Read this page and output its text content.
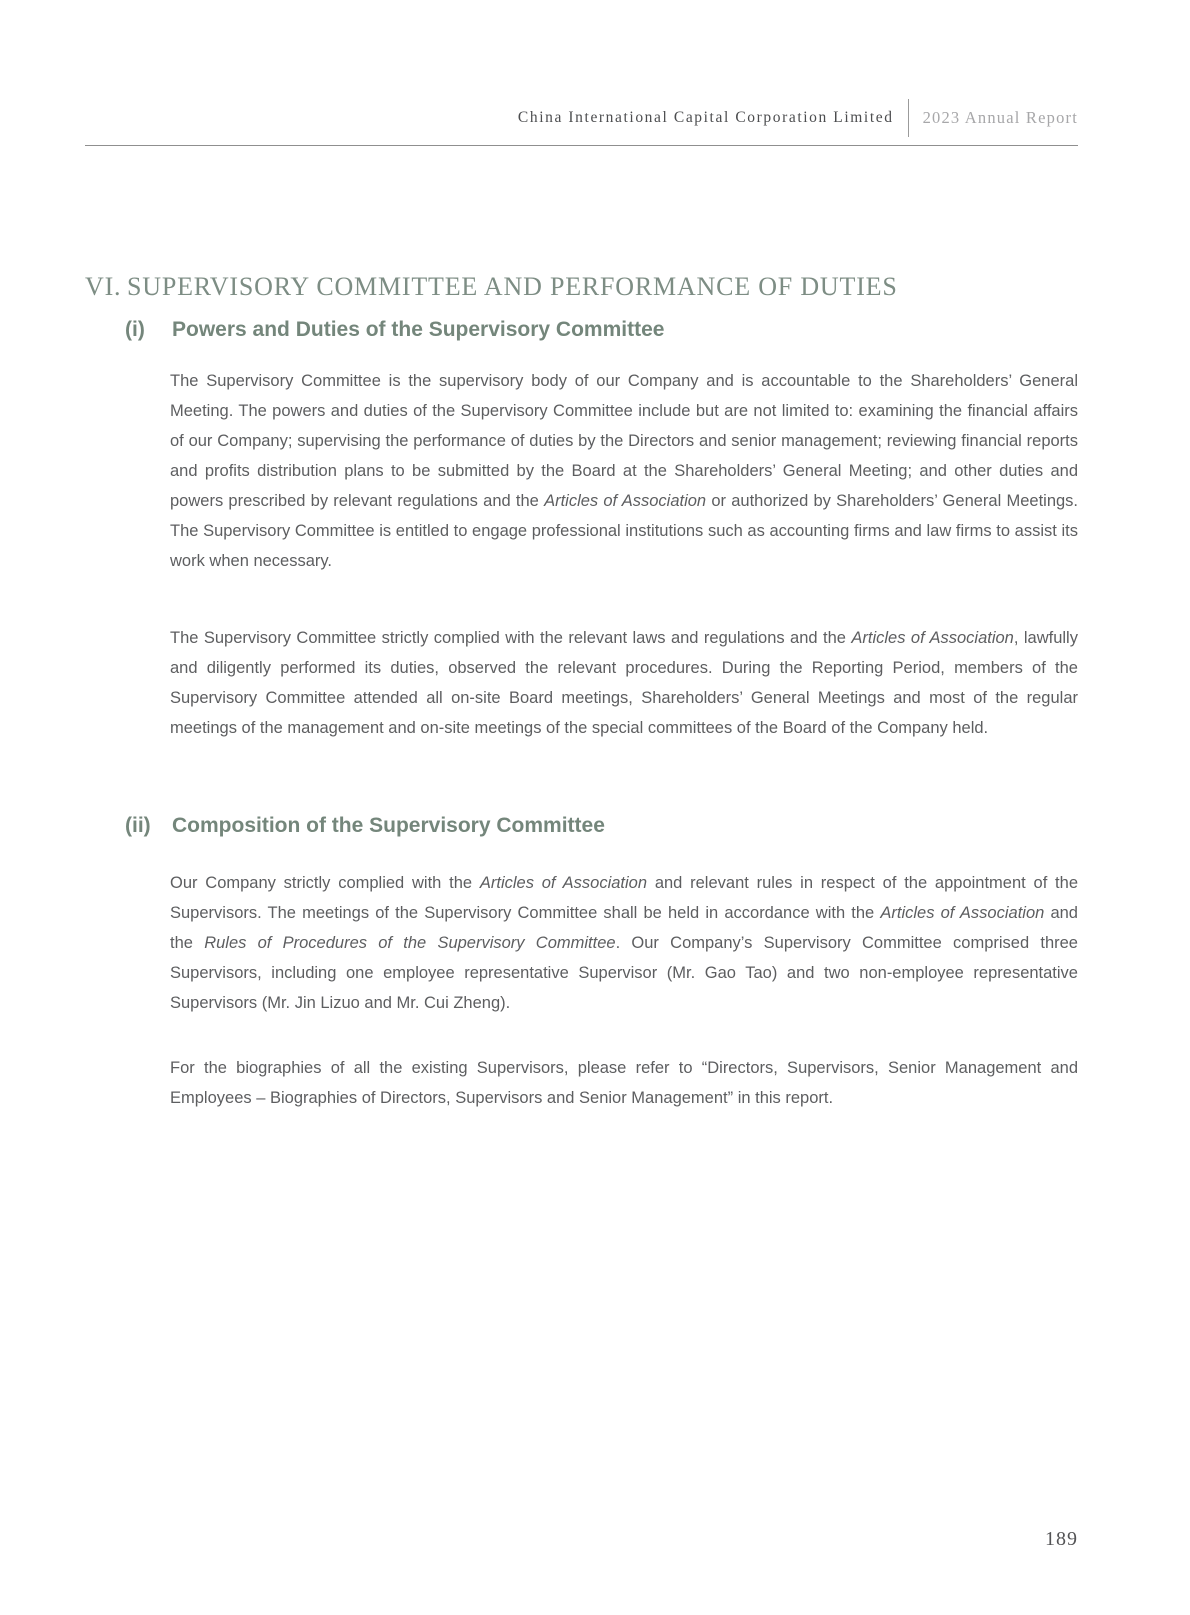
China International Capital Corporation Limited	2023 Annual Report
VI. SUPERVISORY COMMITTEE AND PERFORMANCE OF DUTIES
(i)	Powers and Duties of the Supervisory Committee

The Supervisory Committee is the supervisory body of our Company and is accountable to the Shareholders’ General Meeting. The powers and duties of the Supervisory Committee include but are not limited to: examining the financial affairs of our Company; supervising the performance of duties by the Directors and senior management; reviewing financial reports and profits distribution plans to be submitted by the Board at the Shareholders’ General Meeting; and other duties and powers prescribed by relevant regulations and the Articles of Association or authorized by Shareholders’ General Meetings. The Supervisory Committee is entitled to engage professional institutions such as accounting firms and law firms to assist its work when necessary.

The Supervisory Committee strictly complied with the relevant laws and regulations and the Articles of Association, lawfully and diligently performed its duties, observed the relevant procedures. During the Reporting Period, members of the Supervisory Committee attended all on-site Board meetings, Shareholders’ General Meetings and most of the regular meetings of the management and on-site meetings of the special committees of the Board of the Company held.

(ii)	Composition of the Supervisory Committee

Our Company strictly complied with the Articles of Association and relevant rules in respect of the appointment of the Supervisors. The meetings of the Supervisory Committee shall be held in accordance with the Articles of Association and the Rules of Procedures of the Supervisory Committee. Our Company’s Supervisory Committee comprised three Supervisors, including one employee representative Supervisor (Mr. Gao Tao) and two non-employee representative Supervisors (Mr. Jin Lizuo and Mr. Cui Zheng).

For the biographies of all the existing Supervisors, please refer to “Directors, Supervisors, Senior Management and Employees – Biographies of Directors, Supervisors and Senior Management” in this report.

189
